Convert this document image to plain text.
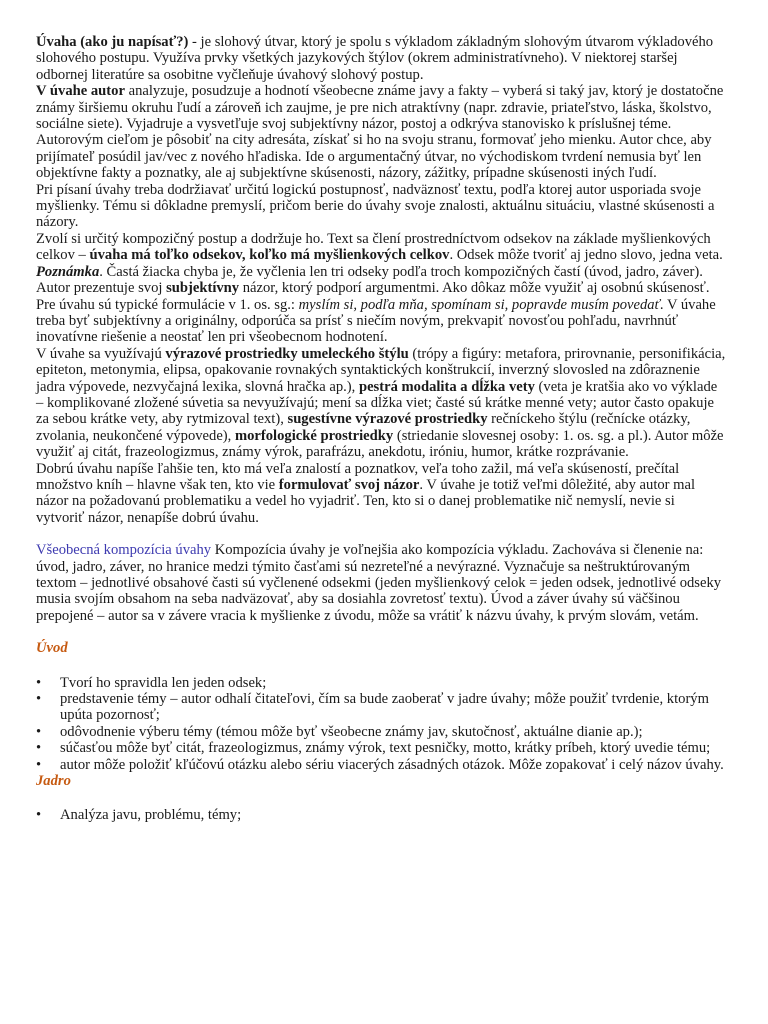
Úvaha (ako ju napísať?) - je slohový útvar, ktorý je spolu s výkladom základným slohovým útvarom výkladového slohového postupu. Využíva prvky všetkých jazykových štýlov (okrem administratívneho). V niektorej staršej odbornej literatúre sa osobitne vyčleňuje úvahový slohový postup.

V úvahe autor analyzuje, posudzuje a hodnotí všeobecne známe javy a fakty – vyberá si taký jav, ktorý je dostatočne známy širšiemu okruhu ľudí a zároveň ich zaujme, je pre nich atraktívny (napr. zdravie, priateľstvo, láska, školstvo, sociálne siete). Vyjadruje a vysvetľuje svoj subjektívny názor, postoj a odkrýva stanovisko k príslušnej téme.

Autorovým cieľom je pôsobiť na city adresáta, získať si ho na svoju stranu, formovať jeho mienku. Autor chce, aby prijímateľ posúdil jav/vec z nového hľadiska. Ide o argumentačný útvar, no východiskom tvrdení nemusia byť len objektívne fakty a poznatky, ale aj subjektívne skúsenosti, názory, zážitky, prípadne skúsenosti iných ľudí.

Pri písaní úvahy treba dodržiavať určitú logickú postupnosť, nadväznosť textu, podľa ktorej autor usporiada svoje myšlienky. Tému si dôkladne premyslí, pričom berie do úvahy svoje znalosti, aktuálnu situáciu, vlastné skúsenosti a názory.

Zvolí si určitý kompozičný postup a dodržuje ho. Text sa člení prostredníctvom odsekov na základe myšlienkových celkov – úvaha má toľko odsekov, koľko má myšlienkových celkov. Odsek môže tvoriť aj jedno slovo, jedna veta.

Poznámka. Častá žiacka chyba je, že vyčlenia len tri odseky podľa troch kompozičných častí (úvod, jadro, záver).

Autor prezentuje svoj subjektívny názor, ktorý podporí argumentmi. Ako dôkaz môže využiť aj osobnú skúsenosť. Pre úvahu sú typické formulácie v 1. os. sg.: myslím si, podľa mňa, spomínam si, popravde musím povedať. V úvahe treba byť subjektívny a originálny, odporúča sa prísť s niečím novým, prekvapiť novosťou pohľadu, navrhnúť inovatívne riešenie a neostať len pri všeobecnom hodnotení.

V úvahe sa využívajú výrazové prostriedky umeleckého štýlu (trópy a figúry: metafora, prirovnanie, personifikácia, epiteton, metonymia, elipsa, opakovanie rovnakých syntaktických konštrukcií, inverzný slovosled na zdôraznenie jadra výpovede, nezvyčajná lexika, slovná hračka ap.), pestrá modalita a dĺžka vety (veta je kratšia ako vo výklade – komplikované zložené súvetia sa nevyužívajú; mení sa dĺžka viet; časté sú krátke menné vety; autor často opakuje za sebou krátke vety, aby rytmizoval text), sugestívne výrazové prostriedky rečníckeho štýlu (rečnícke otázky, zvolania, neukončené výpovede), morfologické prostriedky (striedanie slovesnej osoby: 1. os. sg. a pl.). Autor môže využiť aj citát, frazeologizmus, známy výrok, parafrázu, anekdotu, iróniu, humor, krátke rozprávanie.

Dobrú úvahu napíše ľahšie ten, kto má veľa znalostí a poznatkov, veľa toho zažil, má veľa skúseností, prečítal množstvo kníh – hlavne však ten, kto vie formulovať svoj názor. V úvahe je totiž veľmi dôležité, aby autor mal názor na požadovanú problematiku a vedel ho vyjadriť. Ten, kto si o danej problematike nič nemyslí, nevie si vytvoriť názor, nenapíše dobrú úvahu.

Všeobecná kompozícia úvahy Kompozícia úvahy je voľnejšia ako kompozícia výkladu. Zachováva si členenie na: úvod, jadro, záver, no hranice medzi týmito časťami sú nezreteľné a nevýrazné. Vyznačuje sa neštruktúrovaným textom – jednotlivé obsahové časti sú vyčlenené odsekmi (jeden myšlienkový celok = jeden odsek, jednotlivé odseky musia svojím obsahom na seba nadväzovať, aby sa dosiahla zovretosť textu). Úvod a záver úvahy sú väčšinou prepojené – autor sa v závere vracia k myšlienke z úvodu, môže sa vrátiť k názvu úvahy, k prvým slovám, vetám.

Úvod

•	Tvorí ho spravidla len jeden odsek;
•	predstavenie témy – autor odhalí čitateľovi, čím sa bude zaoberať v jadre úvahy; môže použiť tvrdenie, ktorým upúta pozornosť;
•	odôvodnenie výberu témy (témou môže byť všeobecne známy jav, skutočnosť, aktuálne dianie ap.);
•	súčasťou môže byť citát, frazeologizmus, známy výrok, text pesničky, motto, krátky príbeh, ktorý uvedie tému;
•	autor môže položiť kľúčovú otázku alebo sériu viacerých zásadných otázok. Môže zopakovať i celý názov úvahy.

Jadro

•	Analýza javu, problému, témy;
